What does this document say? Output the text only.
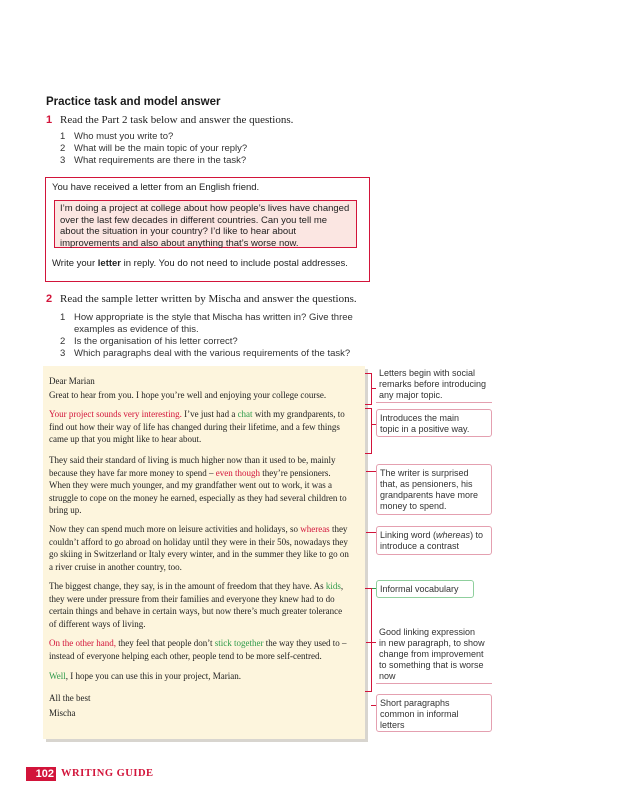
Practice task and model answer
1 Read the Part 2 task below and answer the questions.
1 Who must you write to?
2 What will be the main topic of your reply?
3 What requirements are there in the task?
You have received a letter from an English friend.
I’m doing a project at college about how people’s lives have changed over the last few decades in different countries. Can you tell me about the situation in your country? I’d like to hear about improvements and also about anything that’s worse now.
Write your letter in reply. You do not need to include postal addresses.
2 Read the sample letter written by Mischa and answer the questions.
1 How appropriate is the style that Mischa has written in? Give three
examples as evidence of this.
2 Is the organisation of his letter correct?
3 Which paragraphs deal with the various requirements of the task?
Dear Marian
Great to hear from you. I hope you’re well and enjoying your college course.
Your project sounds very interesting. I’ve just had a chat with my grandparents, to
find out how their way of life has changed during their lifetime, and a few things
came up that you might like to hear about.
They said their standard of living is much higher now than it used to be, mainly
because they have far more money to spend – even though they’re pensioners.
When they were much younger, and my grandfather went out to work, it was a
struggle to cope on the money he earned, especially as they had several children to
bring up.
Now they can spend much more on leisure activities and holidays, so whereas they
couldn’t afford to go abroad on holiday until they were in their 50s, nowadays they
go skiing in Switzerland or Italy every winter, and in the summer they like to go on
a river cruise in another country, too.
The biggest change, they say, is in the amount of freedom that they have. As kids,
they were under pressure from their families and everyone they knew had to do
certain things and behave in certain ways, but now there’s much greater tolerance
of different ways of living.
On the other hand, they feel that people don’t stick together the way they used to –
instead of everyone helping each other, people tend to be more self-centred.
Well, I hope you can use this in your project, Marian.
All the best
Mischa
Letters begin with social
remarks before introducing
any major topic.
Introduces the main
topic in a positive way.
The writer is surprised
that, as pensioners, his
grandparents have more
money to spend.
Linking word (whereas) to
introduce a contrast
Informal vocabulary
Good linking expression
in new paragraph, to show
change from improvement
to something that is worse
now
Short paragraphs
common in informal
letters
102 WRITING GUIDE
